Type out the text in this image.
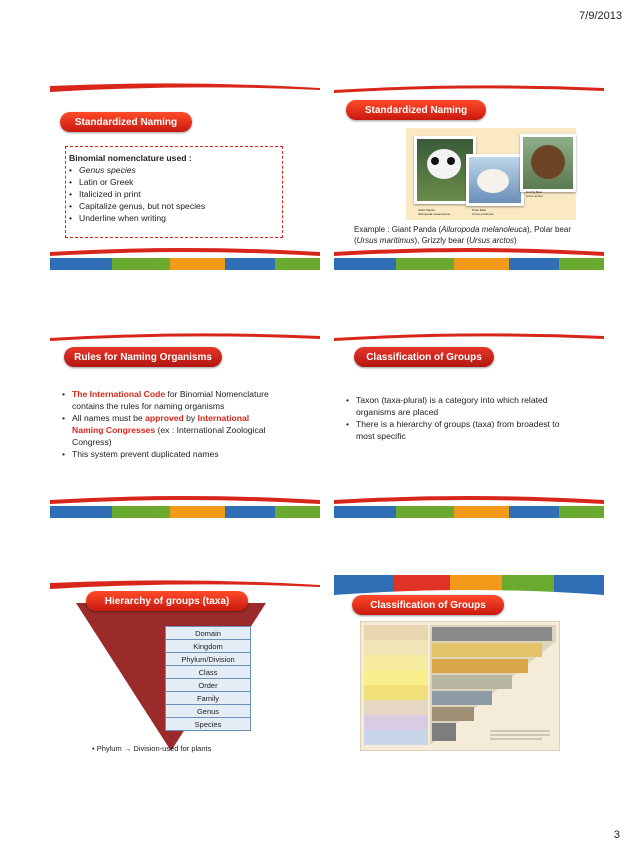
7/9/2013
Standardized Naming
Binomial nomenclature used :
• Genus species
• Latin or Greek
• Italicized in print
• Capitalize genus, but not species
• Underline when writing
Standardized Naming
Giant Panda
Ailuropoda melanoleuca
Polar Bear
Ursus maritimus
Grizzly Bear
Ursus arctos
Example : Giant Panda (Ailuropoda melanoleuca), Polar bear (Ursus maritimus), Grizzly bear (Ursus arctos)
Rules for Naming Organisms
• The International Code for Binomial Nomenclature contains the rules for naming organisms
• All names must be approved by International Naming Congresses (ex : International Zoological Congress)
• This system prevent duplicated names
Classification of Groups
• Taxon (taxa-plural) is a category into which related organisms are placed
• There is a hierarchy of groups (taxa) from broadest to most specific
Hierarchy of groups (taxa)
Domain
Kingdom
Phylum/Division
Class
Order
Family
Genus
Species
• Phylum → Division-used for plants
Classification of Groups
3
